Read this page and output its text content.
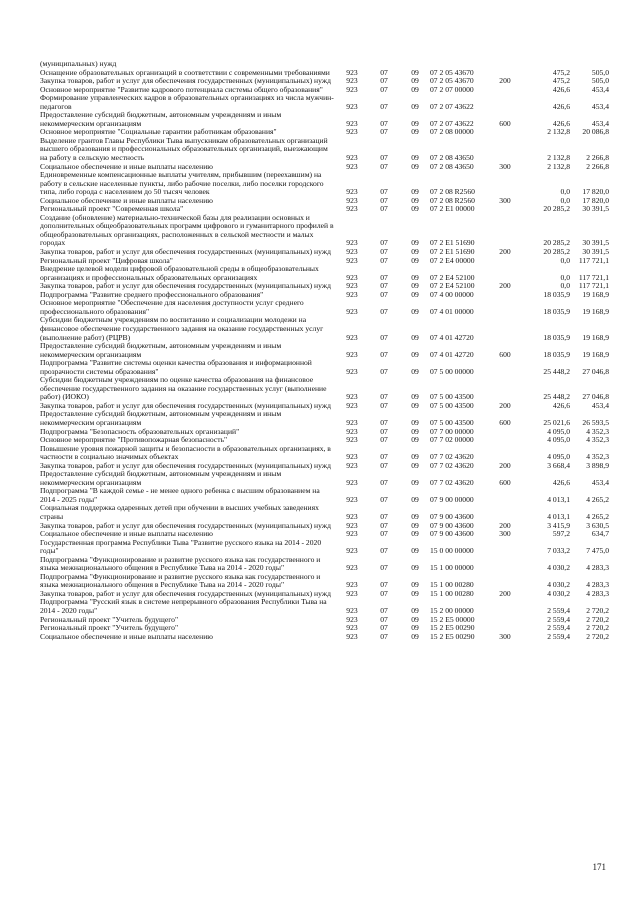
(муниципальных) нужд							
Оснащение образовательных организаций в соответствии с современными требованиями	923	07	09	07 2 05 43670		475,2	505,0
Закупка товаров, работ и услуг для обеспечения государственных (муниципальных) нужд	923	07	09	07 2 05 43670	200	475,2	505,0
Основное мероприятие "Развитие кадрового потенциала системы общего образования"	923	07	09	07 2 07 00000		426,6	453,4
Формирование управленческих кадров в образовательных организациях из числа мужчин-педагогов	923	07	09	07 2 07 43622		426,6	453,4
Предоставление субсидий бюджетным, автономным учреждениям и иным некоммерческим организациям	923	07	09	07 2 07 43622	600	426,6	453,4
Основное мероприятие "Социальные гарантии работникам образования"	923	07	09	07 2 08 00000		2 132,8	20 086,8
Выделение грантов Главы Республики Тыва выпускникам образовательных организаций высшего образования и профессиональных образовательных организаций, выезжающим на работу в сельскую местность	923	07	09	07 2 08 43650		2 132,8	2 266,8
Социальное обеспечение и иные выплаты населению	923	07	09	07 2 08 43650	300	2 132,8	2 266,8
Единовременные компенсационные выплаты учителям, прибывшим (переехавшим) на работу в сельские населенные пункты, либо рабочие поселки, либо поселки городского типа, либо города с населением до 50 тысяч человек	923	07	09	07 2 08 R2560		0,0	17 820,0
Социальное обеспечение и иные выплаты населению	923	07	09	07 2 08 R2560	300	0,0	17 820,0
Региональный проект "Современная школа"	923	07	09	07 2 E1 00000		20 285,2	30 391,5
Создание (обновление) материально-технической базы для реализации основных и дополнительных общеобразовательных программ цифрового и гуманитарного профилей в общеобразовательных организациях, расположенных в сельской местности и малых городах	923	07	09	07 2 E1 51690		20 285,2	30 391,5
Закупка товаров, работ и услуг для обеспечения государственных (муниципальных) нужд	923	07	09	07 2 E1 51690	200	20 285,2	30 391,5
Региональный проект "Цифровая школа"	923	07	09	07 2 E4 00000		0,0	117 721,1
Внедрение целевой модели цифровой образовательной среды в общеобразовательных организациях и профессиональных образовательных организациях	923	07	09	07 2 E4 52100		0,0	117 721,1
Закупка товаров, работ и услуг для обеспечения государственных (муниципальных) нужд	923	07	09	07 2 E4 52100	200	0,0	117 721,1
Подпрограмма "Развитие среднего профессионального образования"	923	07	09	07 4 00 00000		18 035,9	19 168,9
Основное мероприятие "Обеспечение для населения доступности услуг среднего профессионального образования"	923	07	09	07 4 01 00000		18 035,9	19 168,9
Субсидии бюджетным учреждениям по воспитанию и социализации молодежи на финансовое обеспечение государственного задания на оказание государственных услуг (выполнение работ) (РЦРВ)	923	07	09	07 4 01 42720		18 035,9	19 168,9
Предоставление субсидий бюджетным, автономным учреждениям и иным некоммерческим организациям	923	07	09	07 4 01 42720	600	18 035,9	19 168,9
Подпрограмма "Развитие системы оценки качества образования и информационной прозрачности системы образования"	923	07	09	07 5 00 00000		25 448,2	27 046,8
Субсидии бюджетным учреждениям по оценке качества образования на финансовое обеспечение государственного задания на оказание государственных услуг (выполнение работ) (ИОКО)	923	07	09	07 5 00 43500		25 448,2	27 046,8
Закупка товаров, работ и услуг для обеспечения государственных (муниципальных) нужд	923	07	09	07 5 00 43500	200	426,6	453,4
Предоставление субсидий бюджетным, автономным учреждениям и иным некоммерческим организациям	923	07	09	07 5 00 43500	600	25 021,6	26 593,5
Подпрограмма "Безопасность образовательных организаций"	923	07	09	07 7 00 00000		4 095,0	4 352,3
Основное мероприятие "Противопожарная безопасность"	923	07	09	07 7 02 00000		4 095,0	4 352,3
Повышение уровня пожарной защиты и безопасности в образовательных организациях, в частности в социально значимых объектах	923	07	09	07 7 02 43620		4 095,0	4 352,3
Закупка товаров, работ и услуг для обеспечения государственных (муниципальных) нужд	923	07	09	07 7 02 43620	200	3 668,4	3 898,9
Предоставление субсидий бюджетным, автономным учреждениям и иным некоммерческим организациям	923	07	09	07 7 02 43620	600	426,6	453,4
Подпрограмма "В каждой семье - не менее одного ребенка с высшим образованием на 2014 - 2025 годы"	923	07	09	07 9 00 00000		4 013,1	4 265,2
Социальная поддержка одаренных детей при обучении в высших учебных заведениях страны	923	07	09	07 9 00 43600		4 013,1	4 265,2
Закупка товаров, работ и услуг для обеспечения государственных (муниципальных) нужд	923	07	09	07 9 00 43600	200	3 415,9	3 630,5
Социальное обеспечение и иные выплаты населению	923	07	09	07 9 00 43600	300	597,2	634,7
Государственная программа Республики Тыва "Развитие русского языка на 2014 - 2020 годы"	923	07	09	15 0 00 00000		7 033,2	7 475,0
Подпрограмма "Функционирование и развитие русского языка как государственного и языка межнационального общения в Республике Тыва на 2014 - 2020 годы"	923	07	09	15 1 00 00000		4 030,2	4 283,3
Подпрограмма "Функционирование и развитие русского языка как государственного и языка межнационального общения в Республике Тыва на 2014 - 2020 годы"	923	07	09	15 1 00 00280		4 030,2	4 283,3
Закупка товаров, работ и услуг для обеспечения государственных (муниципальных) нужд	923	07	09	15 1 00 00280	200	4 030,2	4 283,3
Подпрограмма "Русский язык в системе непрерывного образования Республики Тыва на 2014 - 2020 годы"	923	07	09	15 2 00 00000		2 559,4	2 720,2
Региональный проект "Учитель будущего"	923	07	09	15 2 E5 00000		2 559,4	2 720,2
Региональный проект "Учитель будущего"	923	07	09	15 2 E5 00290		2 559,4	2 720,2
Социальное обеспечение и иные выплаты населению	923	07	09	15 2 E5 00290	300	2 559,4	2 720,2
171
